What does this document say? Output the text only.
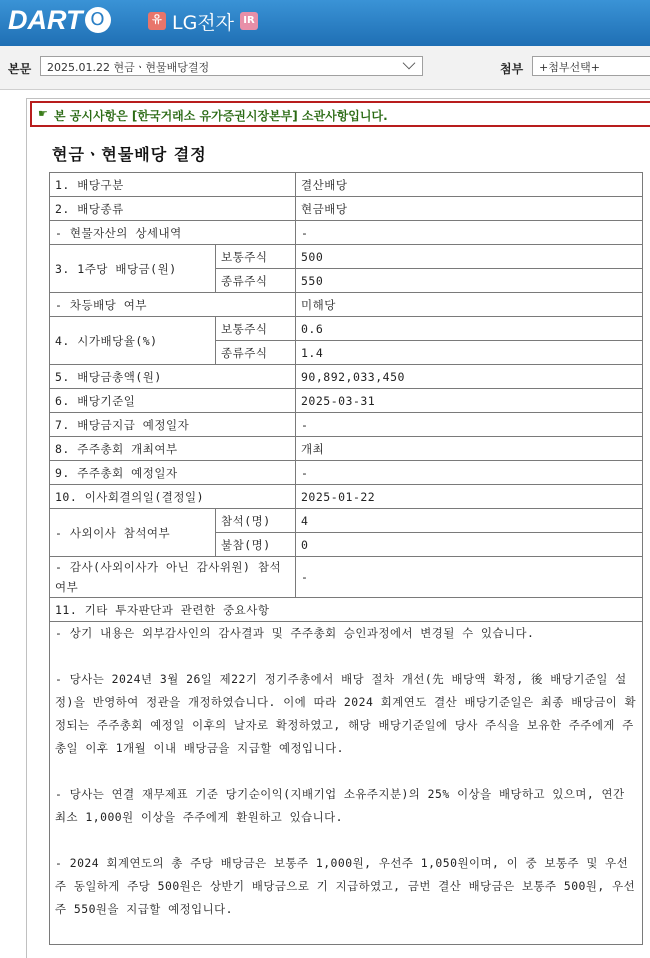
DART O	유 LG전자 IR
본문	2025.01.22 현금ㆍ현물배당결정	첨부	+첨부선택+
☛ 본 공시사항은 [한국거래소 유가증권시장본부] 소관사항입니다.
현금ㆍ현물배당 결정
1. 배당구분		결산배당
2. 배당종류		현금배당
- 현물자산의 상세내역		-
3. 1주당 배당금(원)	보통주식	500
	종류주식	550
- 차등배당 여부		미해당
4. 시가배당율(%)	보통주식	0.6
	종류주식	1.4
5. 배당금총액(원)		90,892,033,450
6. 배당기준일		2025-03-31
7. 배당금지급 예정일자		-
8. 주주총회 개최여부		개최
9. 주주총회 예정일자		-
10. 이사회결의일(결정일)		2025-01-22
- 사외이사 참석여부	참석(명)	4
	불참(명)	0
- 감사(사외이사가 아닌 감사위원) 참석여부		-
11. 기타 투자판단과 관련한 중요사항		

- 상기 내용은 외부감사인의 감사결과 및 주주총회 승인과정에서 변경될 수 있습니다.

- 당사는 2024년 3월 26일 제22기 정기주총에서 배당 절차 개선(先 배당액 확정, 後 배당기준일 설정)을 반영하여 정관을 개정하였습니다. 이에 따라 2024 회계연도 결산 배당기준일은 최종 배당금이 확정되는 주주총회 예정일 이후의 날자로 확정하였고, 해당 배당기준일에 당사 주식을 보유한 주주에게 주총일 이후 1개월 이내 배당금을 지급할 예정입니다.

- 당사는 연결 재무제표 기준 당기순이익(지배기업 소유주지분)의 25% 이상을 배당하고 있으며, 연간 최소 1,000원 이상을 주주에게 환원하고 있습니다.

- 2024 회계연도의 총 주당 배당금은 보통주 1,000원, 우선주 1,050원이며, 이 중 보통주 및 우선주 동일하게 주당 500원은 상반기 배당금으로 기 지급하였고, 금번 결산 배당금은 보통주 500원, 우선주 550원을 지급할 예정입니다.		
